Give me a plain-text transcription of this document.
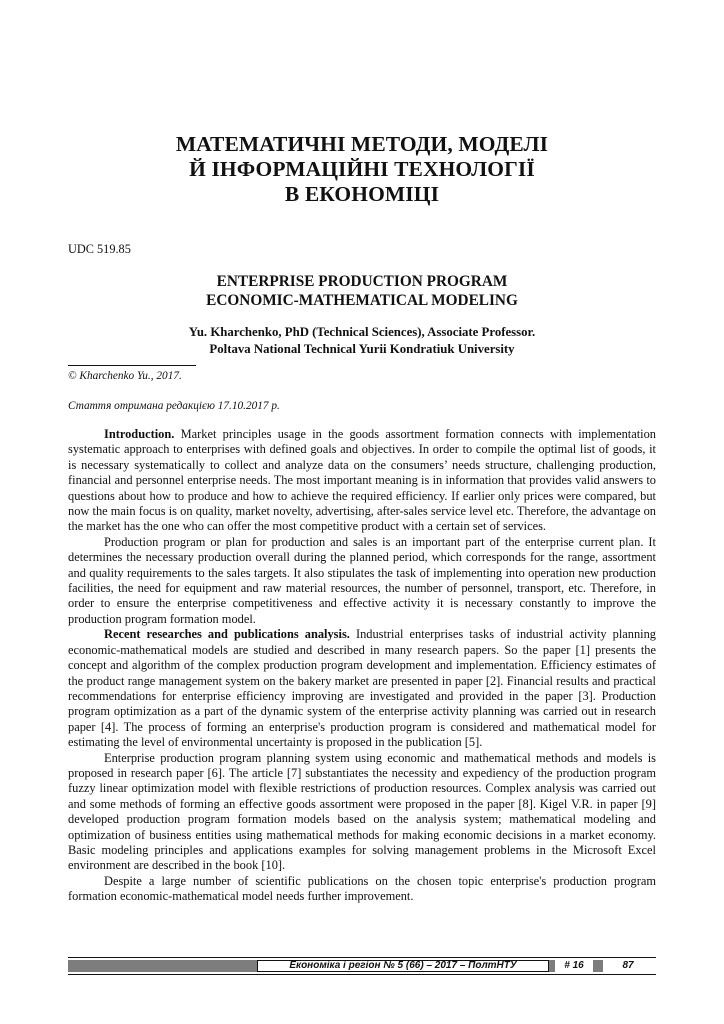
МАТЕМАТИЧНІ МЕТОДИ, МОДЕЛІ
Й ІНФОРМАЦІЙНІ ТЕХНОЛОГІЇ
В ЕКОНОМІЦІ
UDC 519.85
ENTERPRISE PRODUCTION PROGRAM
ECONOMIC-MATHEMATICAL MODELING
Yu. Kharchenko, PhD (Technical Sciences), Associate Professor.
Poltava National Technical Yurii Kondratiuk University
© Kharchenko Yu., 2017.
Стаття отримана редакцією 17.10.2017 р.

Introduction. Market principles usage in the goods assortment formation connects with implementation systematic approach to enterprises with defined goals and objectives. In order to compile the optimal list of goods, it is necessary systematically to collect and analyze data on the consumers’ needs structure, challenging production, financial and personnel enterprise needs. The most important meaning is in information that provides valid answers to questions about how to produce and how to achieve the required efficiency. If earlier only prices were compared, but now the main focus is on quality, market novelty, advertising, after-sales service level etc. Therefore, the advantage on the market has the one who can offer the most competitive product with a certain set of services.

Production program or plan for production and sales is an important part of the enterprise current plan. It determines the necessary production overall during the planned period, which corresponds for the range, assortment and quality requirements to the sales targets. It also stipulates the task of implementing into operation new production facilities, the need for equipment and raw material resources, the number of personnel, transport, etc. Therefore, in order to ensure the enterprise competitiveness and effective activity it is necessary constantly to improve the production program formation model.

Recent researches and publications analysis. Industrial enterprises tasks of industrial activity planning economic-mathematical models are studied and described in many research papers. So the paper [1] presents the concept and algorithm of the complex production program development and implementation. Efficiency estimates of the product range management system on the bakery market are presented in paper [2]. Financial results and practical recommendations for enterprise efficiency improving are investigated and provided in the paper [3]. Production program optimization as a part of the dynamic system of the enterprise activity planning was carried out in research paper [4]. The process of forming an enterprise's production program is considered and mathematical model for estimating the level of environmental uncertainty is proposed in the publication [5].

Enterprise production program planning system using economic and mathematical methods and models is proposed in research paper [6]. The article [7] substantiates the necessity and expediency of the production program fuzzy linear optimization model with flexible restrictions of production resources. Complex analysis was carried out and some methods of forming an effective goods assortment were proposed in the paper [8]. Kigel V.R. in paper [9] developed production program formation models based on the analysis system; mathematical modeling and optimization of business entities using mathematical methods for making economic decisions in a market economy. Basic modeling principles and applications examples for solving management problems in the Microsoft Excel environment are described in the book [10].

Despite a large number of scientific publications on the chosen topic enterprise's production program formation economic-mathematical model needs further improvement.

Економіка і регіон № 5 (66) – 2017 – ПолтНТУ	# 16	87
